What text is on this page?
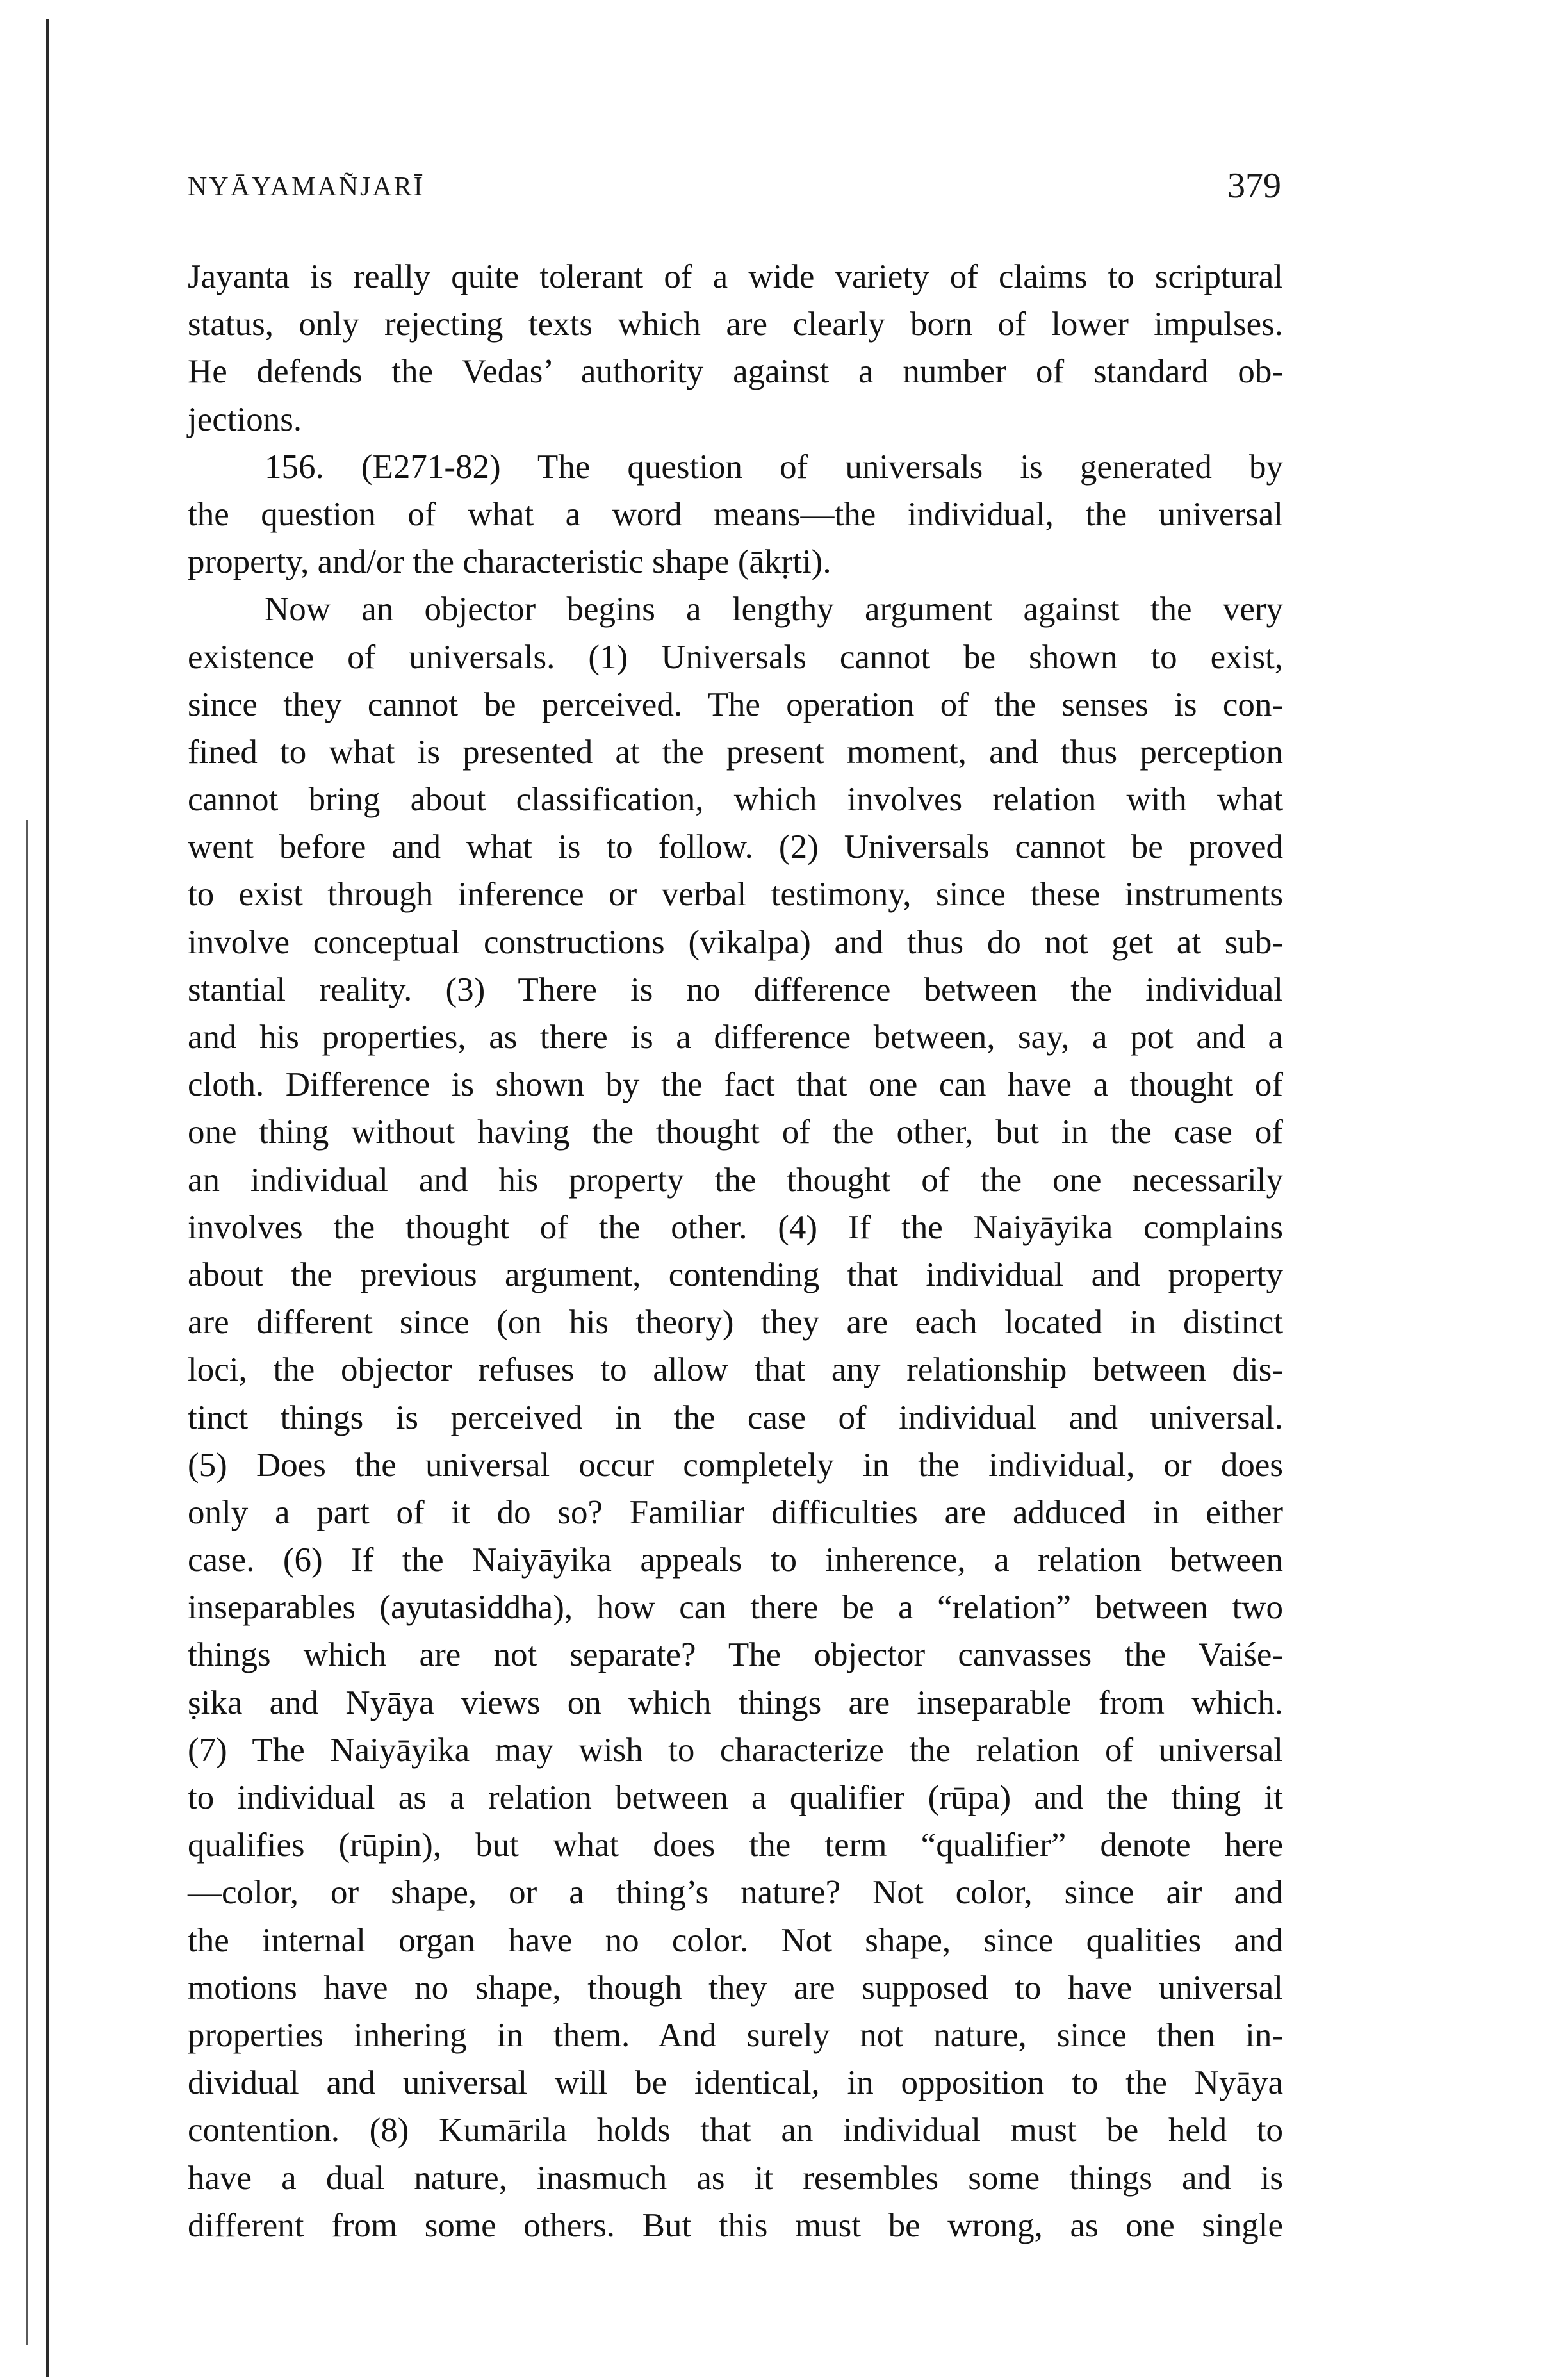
NYĀYAMAÑJARĪ	379
Jayanta is really quite tolerant of a wide variety of claims to scriptural
status, only rejecting texts which are clearly born of lower impulses.
He defends the Vedas’ authority against a number of standard ob-
jections.
156. (E271-82) The question of universals is generated by
the question of what a word means—the individual, the universal
property, and/or the characteristic shape (ākṛti).
Now an objector begins a lengthy argument against the very
existence of universals. (1) Universals cannot be shown to exist,
since they cannot be perceived. The operation of the senses is con-
fined to what is presented at the present moment, and thus perception
cannot bring about classification, which involves relation with what
went before and what is to follow. (2) Universals cannot be proved
to exist through inference or verbal testimony, since these instruments
involve conceptual constructions (vikalpa) and thus do not get at sub-
stantial reality. (3) There is no difference between the individual
and his properties, as there is a difference between, say, a pot and a
cloth. Difference is shown by the fact that one can have a thought of
one thing without having the thought of the other, but in the case of
an individual and his property the thought of the one necessarily
involves the thought of the other. (4) If the Naiyāyika complains
about the previous argument, contending that individual and property
are different since (on his theory) they are each located in distinct
loci, the objector refuses to allow that any relationship between dis-
tinct things is perceived in the case of individual and universal.
(5) Does the universal occur completely in the individual, or does
only a part of it do so? Familiar difficulties are adduced in either
case. (6) If the Naiyāyika appeals to inherence, a relation between
inseparables (ayutasiddha), how can there be a “relation” between two
things which are not separate? The objector canvasses the Vaiśe-
ṣika and Nyāya views on which things are inseparable from which.
(7) The Naiyāyika may wish to characterize the relation of universal
to individual as a relation between a qualifier (rūpa) and the thing it
qualifies (rūpin), but what does the term “qualifier” denote here
—color, or shape, or a thing’s nature? Not color, since air and
the internal organ have no color. Not shape, since qualities and
motions have no shape, though they are supposed to have universal
properties inhering in them. And surely not nature, since then in-
dividual and universal will be identical, in opposition to the Nyāya
contention. (8) Kumārila holds that an individual must be held to
have a dual nature, inasmuch as it resembles some things and is
different from some others. But this must be wrong, as one single
